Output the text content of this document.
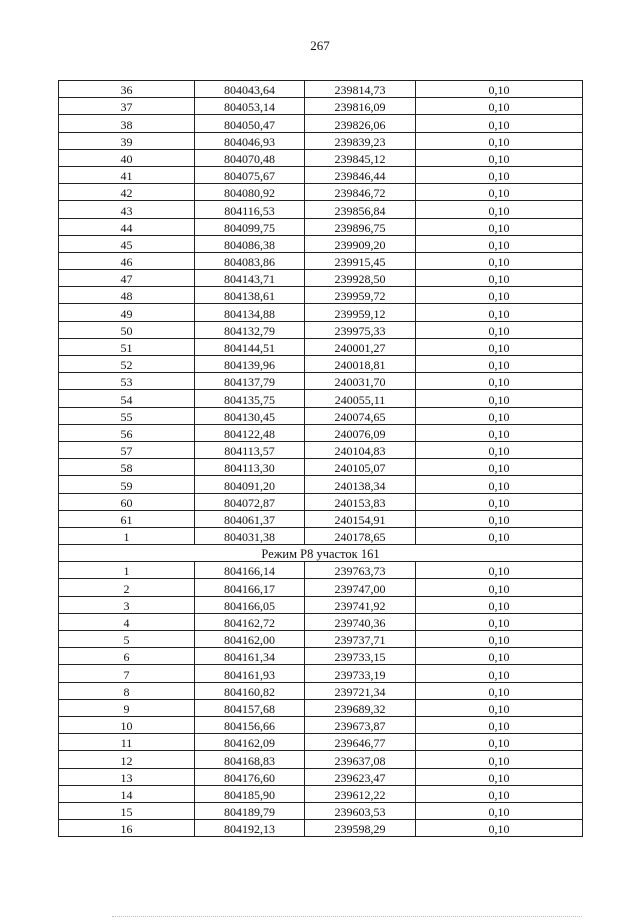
267
36	804043,64	239814,73	0,10
37	804053,14	239816,09	0,10
38	804050,47	239826,06	0,10
39	804046,93	239839,23	0,10
40	804070,48	239845,12	0,10
41	804075,67	239846,44	0,10
42	804080,92	239846,72	0,10
43	804116,53	239856,84	0,10
44	804099,75	239896,75	0,10
45	804086,38	239909,20	0,10
46	804083,86	239915,45	0,10
47	804143,71	239928,50	0,10
48	804138,61	239959,72	0,10
49	804134,88	239959,12	0,10
50	804132,79	239975,33	0,10
51	804144,51	240001,27	0,10
52	804139,96	240018,81	0,10
53	804137,79	240031,70	0,10
54	804135,75	240055,11	0,10
55	804130,45	240074,65	0,10
56	804122,48	240076,09	0,10
57	804113,57	240104,83	0,10
58	804113,30	240105,07	0,10
59	804091,20	240138,34	0,10
60	804072,87	240153,83	0,10
61	804061,37	240154,91	0,10
1	804031,38	240178,65	0,10
Режим Р8 участок 161			
1	804166,14	239763,73	0,10
2	804166,17	239747,00	0,10
3	804166,05	239741,92	0,10
4	804162,72	239740,36	0,10
5	804162,00	239737,71	0,10
6	804161,34	239733,15	0,10
7	804161,93	239733,19	0,10
8	804160,82	239721,34	0,10
9	804157,68	239689,32	0,10
10	804156,66	239673,87	0,10
11	804162,09	239646,77	0,10
12	804168,83	239637,08	0,10
13	804176,60	239623,47	0,10
14	804185,90	239612,22	0,10
15	804189,79	239603,53	0,10
16	804192,13	239598,29	0,10
